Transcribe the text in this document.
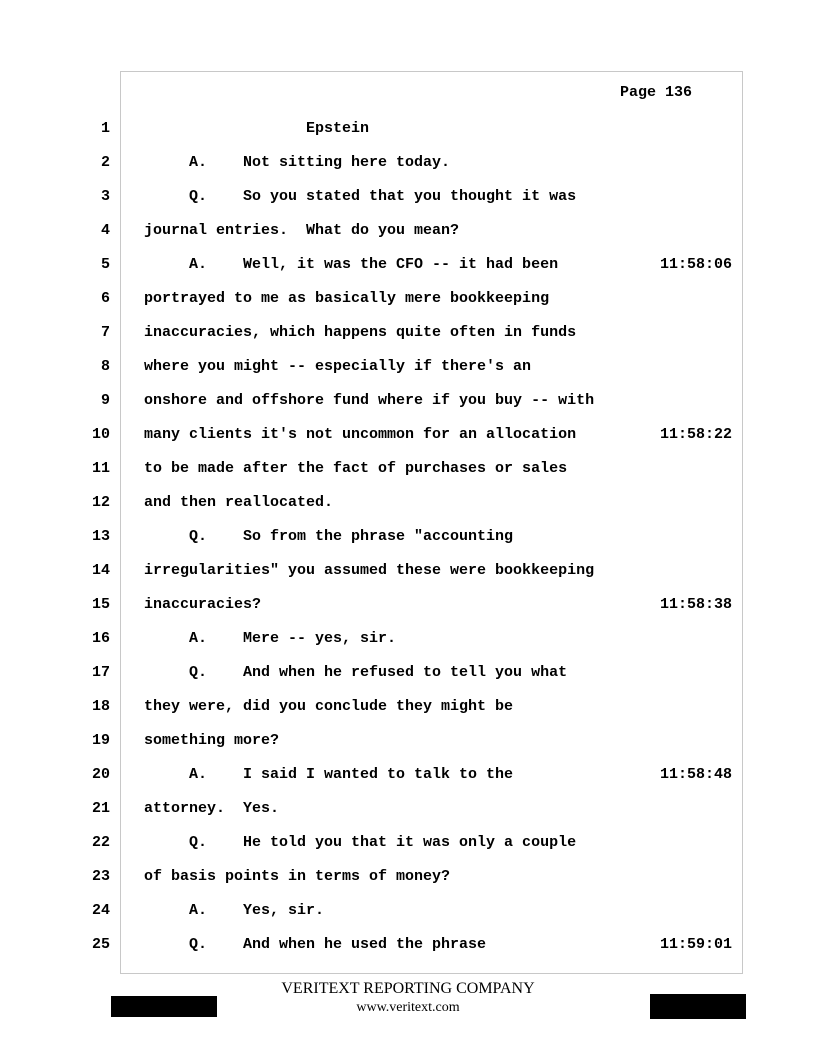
Page 136
1 Epstein
2 A.    Not sitting here today.
3 Q.    So you stated that you thought it was
4 journal entries.  What do you mean?
5 A.    Well, it was the CFO -- it had been	11:58:06
6 portrayed to me as basically mere bookkeeping
7 inaccuracies, which happens quite often in funds
8 where you might -- especially if there's an
9 onshore and offshore fund where if you buy -- with
10 many clients it's not uncommon for an allocation	11:58:22
11 to be made after the fact of purchases or sales
12 and then reallocated.
13 Q.    So from the phrase "accounting
14 irregularities" you assumed these were bookkeeping
15 inaccuracies?	11:58:38
16 A.    Mere -- yes, sir.
17 Q.    And when he refused to tell you what
18 they were, did you conclude they might be
19 something more?
20 A.    I said I wanted to talk to the	11:58:48
21 attorney.  Yes.
22 Q.    He told you that it was only a couple
23 of basis points in terms of money?
24 A.    Yes, sir.
25 Q.    And when he used the phrase	11:59:01
VERITEXT REPORTING COMPANY
www.veritext.com
